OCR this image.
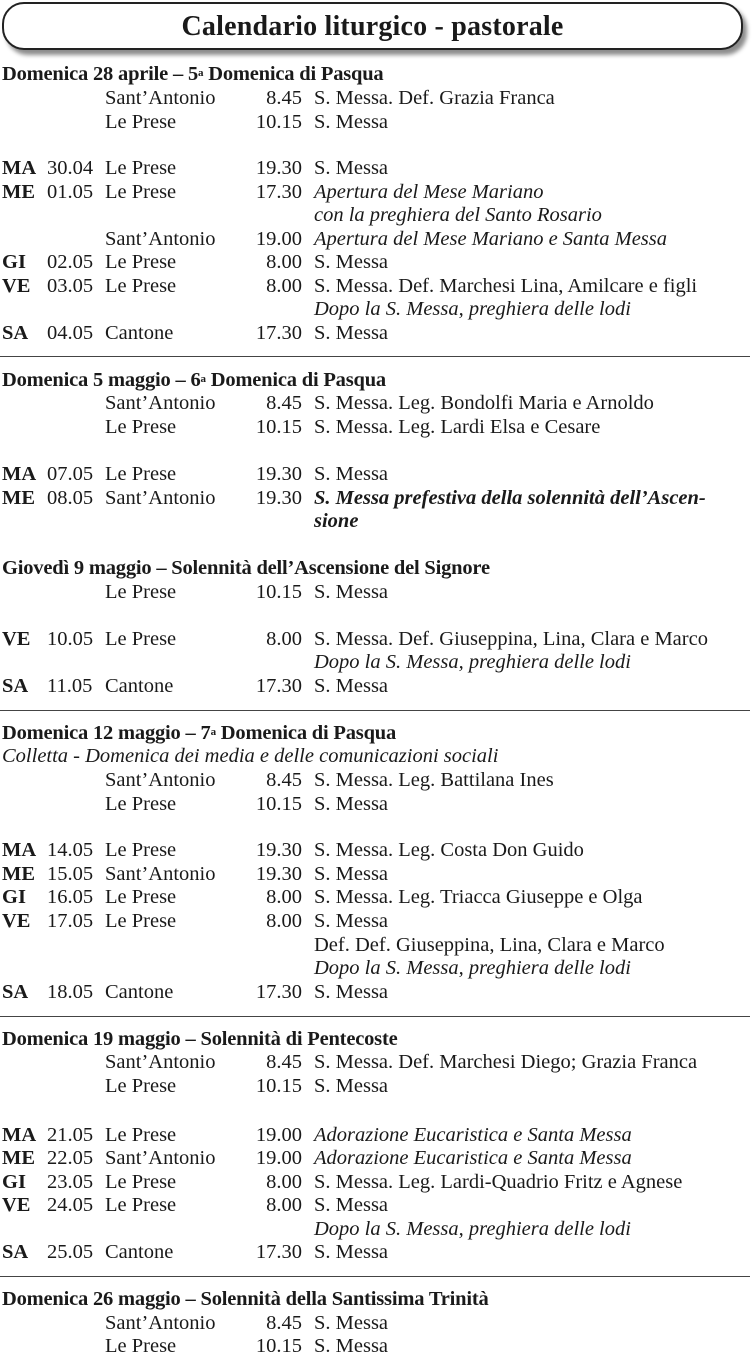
Calendario liturgico - pastorale
Domenica 28 aprile – 5$^a$ Domenica di Pasqua
Sant’Antonio 8.45 S. Messa. Def. Grazia Franca
Le Prese	10.15 S. Messa
MA 30.04 Le Prese	19.30 S. Messa
ME 01.05 Le Prese	17.30 Apertura del Mese Mariano
con la preghiera del Santo Rosario
Sant’Antonio 19.00 Apertura del Mese Mariano e Santa Messa
GI 02.05 Le Prese	8.00 S. Messa
VE 03.05 Le Prese	8.00 S. Messa. Def. Marchesi Lina, Amilcare e figli
Dopo la S. Messa, preghiera delle lodi
SA 04.05 Cantone	17.30 S. Messa
Domenica 5 maggio – 6$^a$ Domenica di Pasqua
Sant’Antonio 8.45 S. Messa. Leg. Bondolfi Maria e Arnoldo
Le Prese	10.15 S. Messa. Leg. Lardi Elsa e Cesare
MA 07.05 Le Prese	19.30 S. Messa
ME 08.05 Sant’Antonio 19.30 S. Messa prefestiva della solennità dell’Ascen-
sione
Giovedì 9 maggio – Solennità dell’Ascensione del Signore
Le Prese	10.15 S. Messa
VE 10.05 Le Prese	8.00 S. Messa. Def. Giuseppina, Lina, Clara e Marco
Dopo la S. Messa, preghiera delle lodi
SA 11.05 Cantone	17.30 S. Messa
Domenica 12 maggio – 7$^a$ Domenica di Pasqua
Colletta - Domenica dei media e delle comunicazioni sociali
Sant’Antonio 8.45 S. Messa. Leg. Battilana Ines
Le Prese	10.15 S. Messa
MA 14.05 Le Prese	19.30 S. Messa. Leg. Costa Don Guido
ME 15.05 Sant’Antonio 19.30 S. Messa
GI 16.05 Le Prese	8.00 S. Messa. Leg. Triacca Giuseppe e Olga
VE 17.05 Le Prese	8.00 S. Messa
Def. Def. Giuseppina, Lina, Clara e Marco
Dopo la S. Messa, preghiera delle lodi
SA 18.05 Cantone	17.30 S. Messa
Domenica 19 maggio – Solennità di Pentecoste
Sant’Antonio 8.45 S. Messa. Def. Marchesi Diego; Grazia Franca
Le Prese	10.15 S. Messa
MA 21.05 Le Prese	19.00 Adorazione Eucaristica e Santa Messa
ME 22.05 Sant’Antonio 19.00 Adorazione Eucaristica e Santa Messa
GI 23.05 Le Prese	8.00 S. Messa. Leg. Lardi-Quadrio Fritz e Agnese
VE 24.05 Le Prese	8.00 S. Messa
Dopo la S. Messa, preghiera delle lodi
SA 25.05 Cantone	17.30 S. Messa
Domenica 26 maggio – Solennità della Santissima Trinità
Sant’Antonio 8.45 S. Messa
Le Prese	10.15 S. Messa
